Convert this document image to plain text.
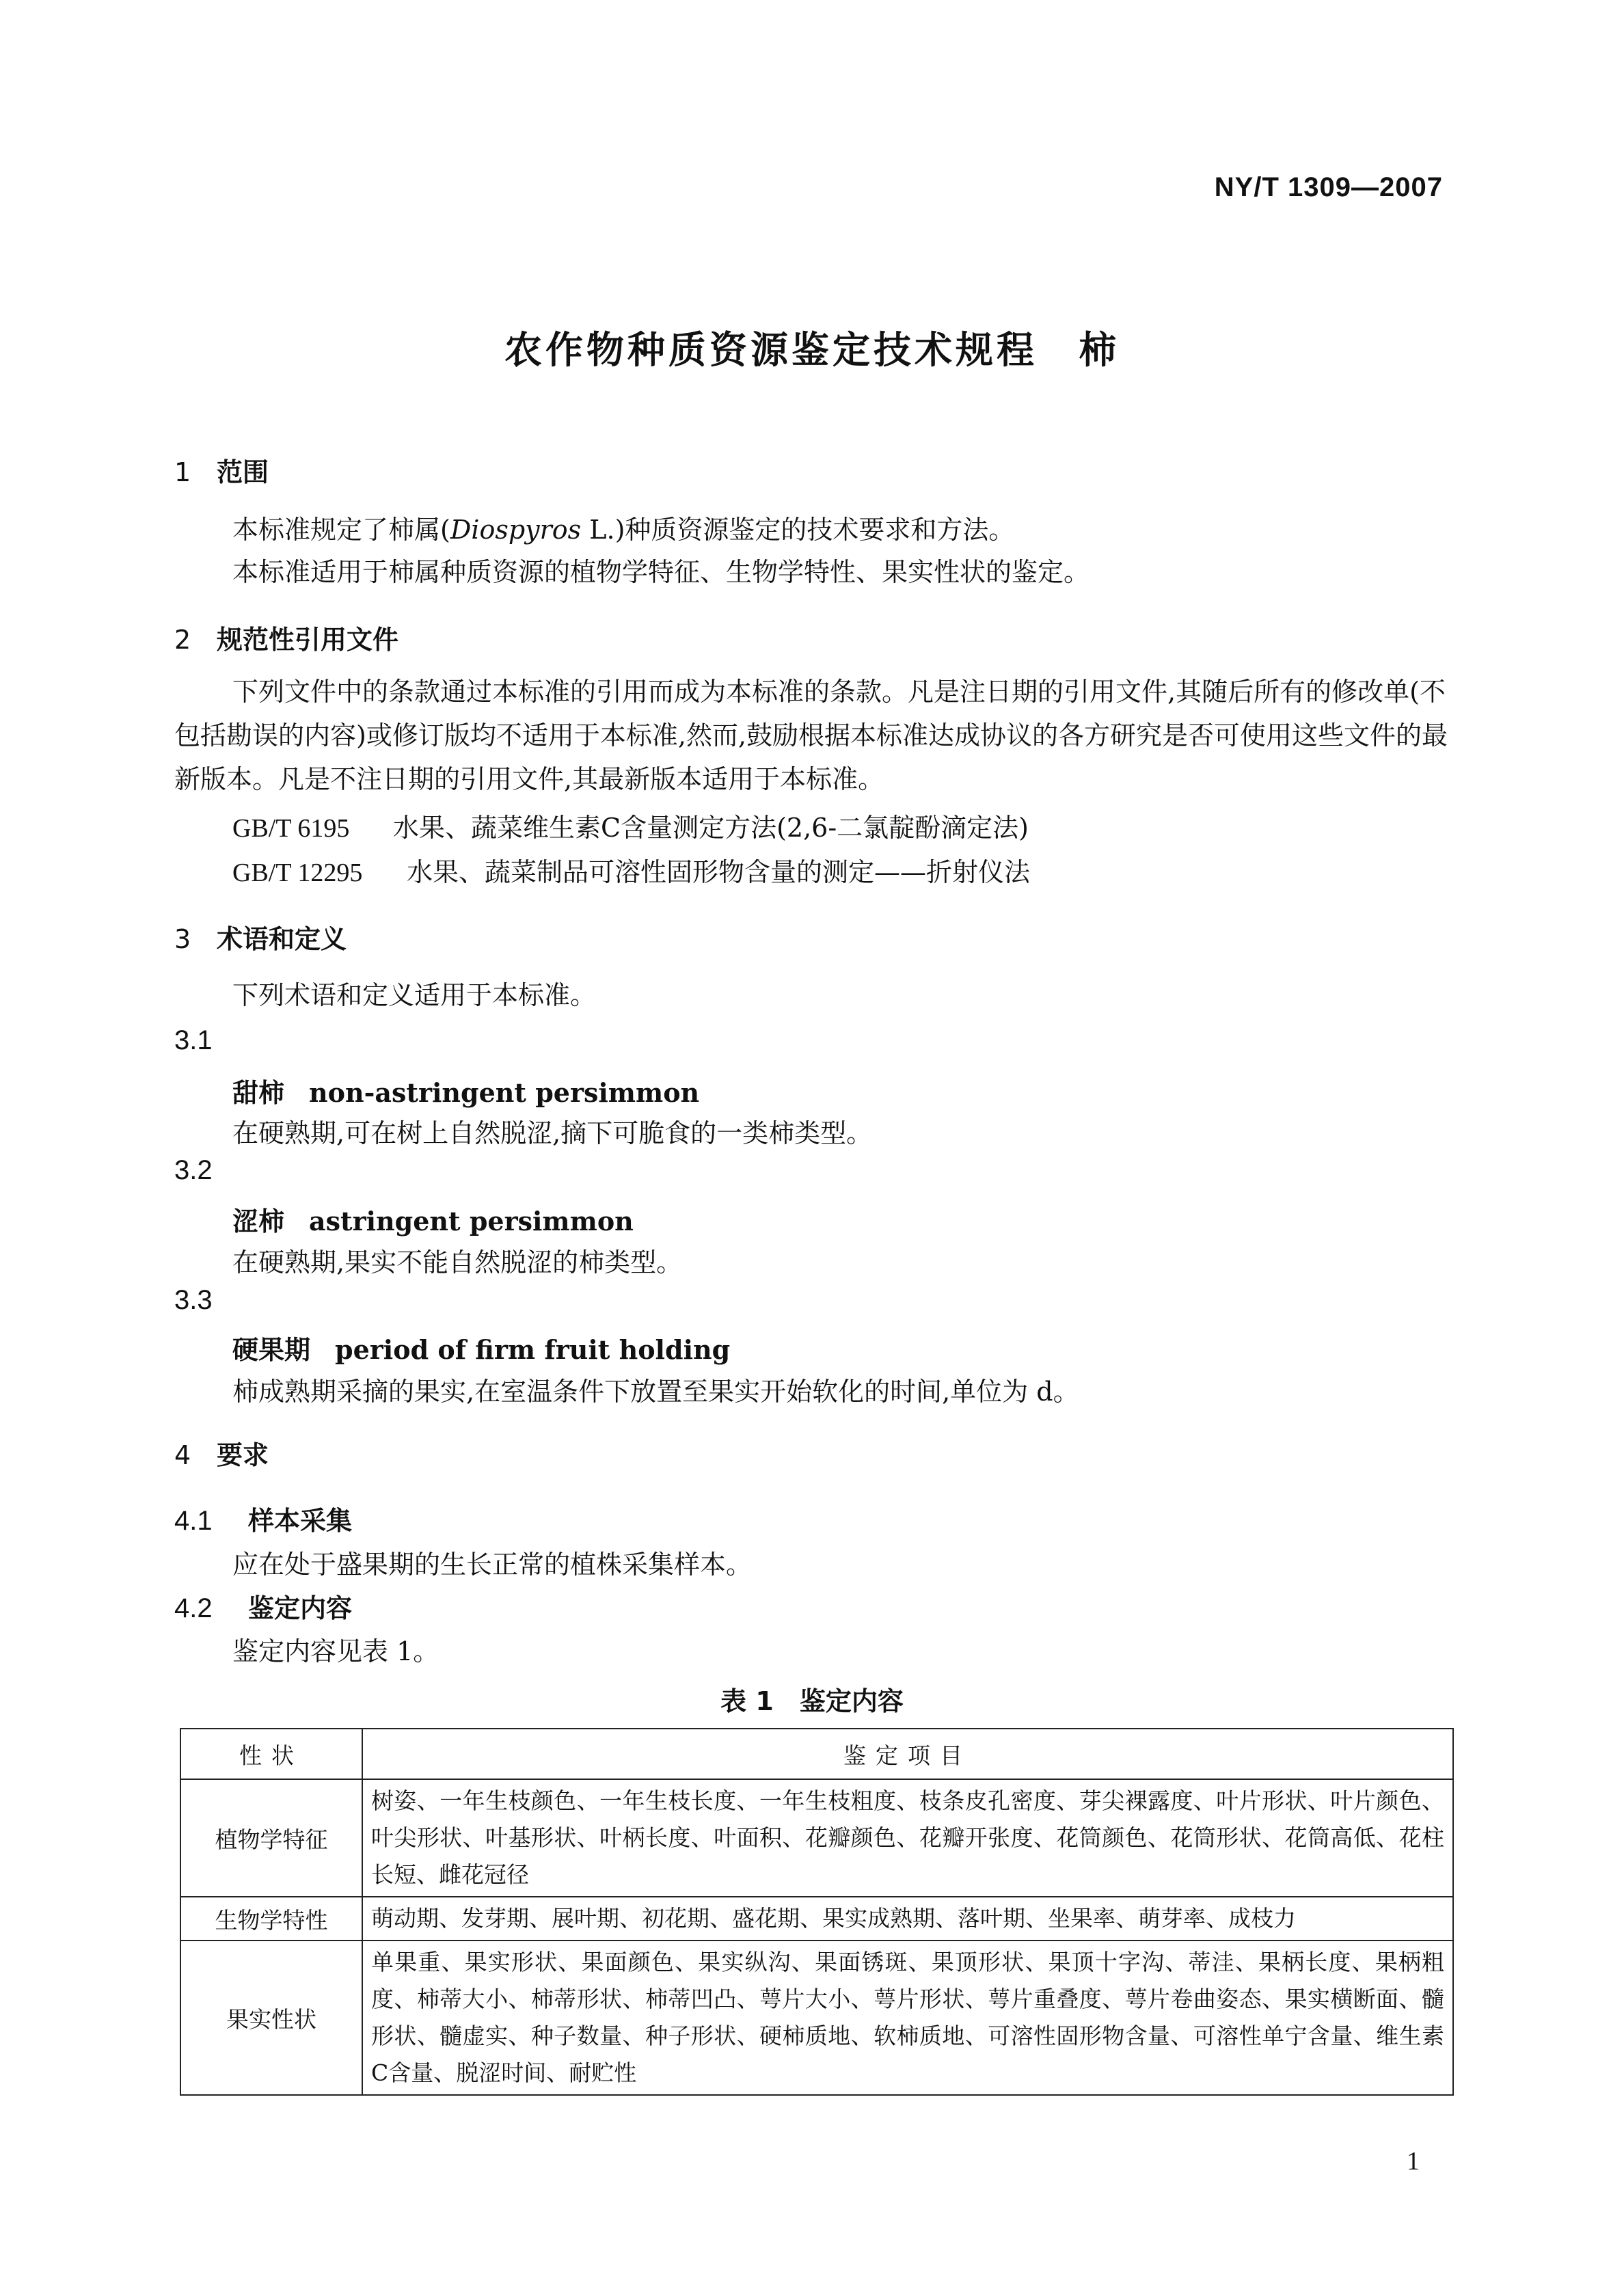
NY/T 1309—2007
农作物种质资源鉴定技术规程　柿
1 范围
本标准规定了柿属(Diospyros L.)种质资源鉴定的技术要求和方法。
本标准适用于柿属种质资源的植物学特征、生物学特性、果实性状的鉴定。
2 规范性引用文件
下列文件中的条款通过本标准的引用而成为本标准的条款。凡是注日期的引用文件,其随后所有的修改单(不包括勘误的内容)或修订版均不适用于本标准,然而,鼓励根据本标准达成协议的各方研究是否可使用这些文件的最新版本。凡是不注日期的引用文件,其最新版本适用于本标准。
GB/T 6195 水果、蔬菜维生素C含量测定方法(2,6-二氯靛酚滴定法)
GB/T 12295 水果、蔬菜制品可溶性固形物含量的测定——折射仪法
3 术语和定义
下列术语和定义适用于本标准。
3.1
甜柿 non-astringent persimmon
在硬熟期,可在树上自然脱涩,摘下可脆食的一类柿类型。
3.2
涩柿 astringent persimmon
在硬熟期,果实不能自然脱涩的柿类型。
3.3
硬果期 period of firm fruit holding
柿成熟期采摘的果实,在室温条件下放置至果实开始软化的时间,单位为 d。
4 要求
4.1 样本采集
应在处于盛果期的生长正常的植株采集样本。
4.2 鉴定内容
鉴定内容见表 1。
表 1　鉴定内容
性状	鉴定项目
植物学特征	树姿、一年生枝颜色、一年生枝长度、一年生枝粗度、枝条皮孔密度、芽尖裸露度、叶片形状、叶片颜色、叶尖形状、叶基形状、叶柄长度、叶面积、花瓣颜色、花瓣开张度、花筒颜色、花筒形状、花筒高低、花柱长短、雌花冠径
生物学特性	萌动期、发芽期、展叶期、初花期、盛花期、果实成熟期、落叶期、坐果率、萌芽率、成枝力
果实性状	单果重、果实形状、果面颜色、果实纵沟、果面锈斑、果顶形状、果顶十字沟、蒂洼、果柄长度、果柄粗度、柿蒂大小、柿蒂形状、柿蒂凹凸、萼片大小、萼片形状、萼片重叠度、萼片卷曲姿态、果实横断面、髓形状、髓虚实、种子数量、种子形状、硬柿质地、软柿质地、可溶性固形物含量、可溶性单宁含量、维生素C含量、脱涩时间、耐贮性
1
